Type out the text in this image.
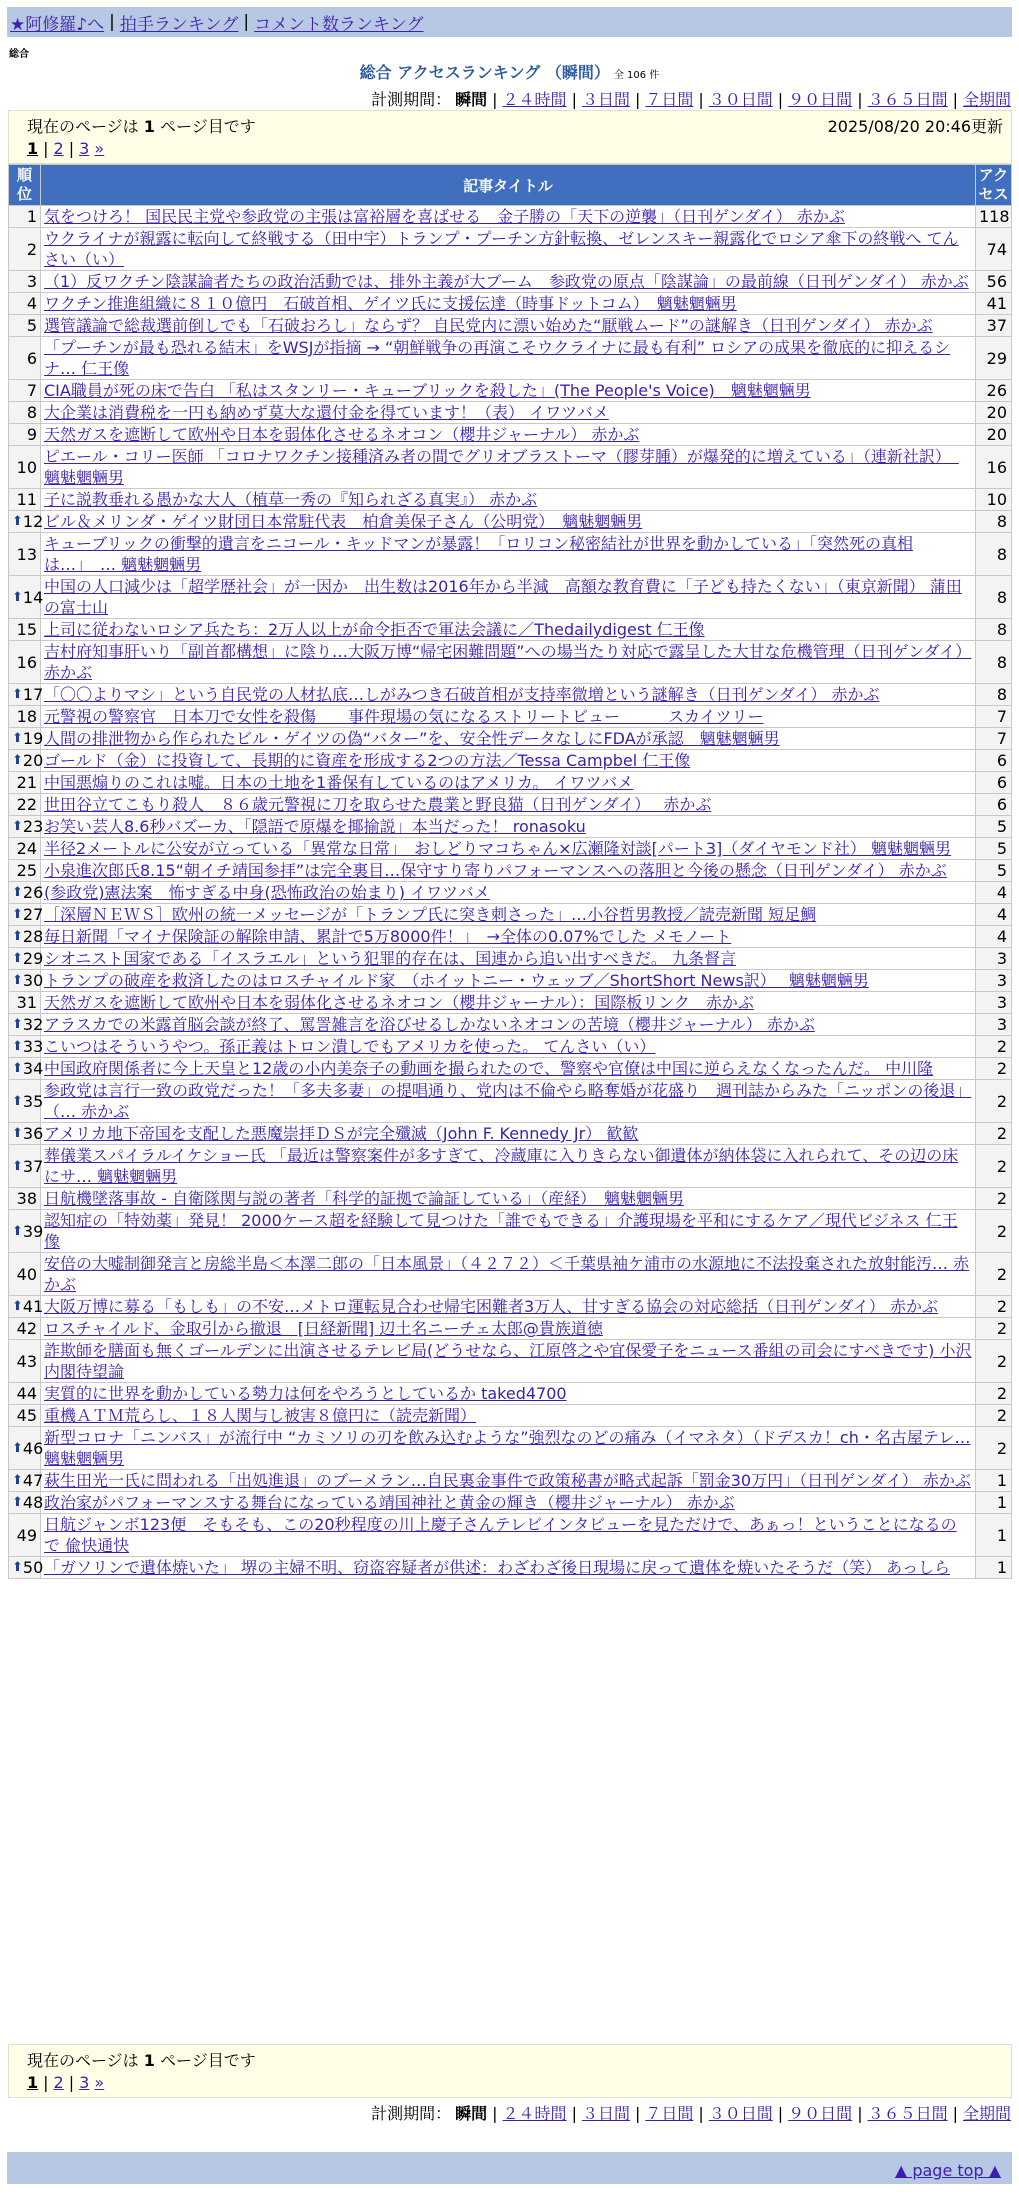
★阿修羅♪へ | 拍手ランキング | コメント数ランキング
総合
総合 アクセスランキング （瞬間） 全 106 件
計測期間： 瞬間 | ２４時間 | ３日間 | ７日間 | ３０日間 | ９０日間 | ３６５日間 | 全期間
現在のページは 1 ページ目です	2025/08/20 20:46更新
1 | 2 | 3 »
順位	記事タイトル	アクセス

1	気をつけろ！ 国民民主党や参政党の主張は富裕層を喜ばせる　金子勝の「天下の逆襲」（日刊ゲンダイ） 赤かぶ	118
2	ウクライナが親露に転向して終戦する（田中宇）トランプ・プーチン方針転換、ゼレンスキー親露化でロシア傘下の終戦へ てんさい（い）	74
3	（1）反ワクチン陰謀論者たちの政治活動では、排外主義が大ブーム　参政党の原点「陰謀論」の最前線（日刊ゲンダイ） 赤かぶ	56
4	ワクチン推進組織に８１０億円　石破首相、ゲイツ氏に支援伝達（時事ドットコム）　魑魅魍魎男	41
5	選管議論で総裁選前倒しでも「石破おろし」ならず？ 自民党内に漂い始めた“厭戦ムード”の謎解き（日刊ゲンダイ） 赤かぶ	37
6	「プーチンが最も恐れる結末」をWSJが指摘 → “朝鮮戦争の再演こそウクライナに最も有利” ロシアの成果を徹底的に抑えるシナ… 仁王像	29
7	CIA職員が死の床で告白 「私はスタンリー・キューブリックを殺した」(The People's Voice)　魑魅魍魎男	26
8	大企業は消費税を一円も納めず莫大な還付金を得ています！（表） イワツバメ	20
9	天然ガスを遮断して欧州や日本を弱体化させるネオコン（櫻井ジャーナル） 赤かぶ	20
10	ピエール・コリー医師 「コロナワクチン接種済み者の間でグリオブラストーマ（膠芽腫）が爆発的に増えている」（連新社訳）　魑魅魍魎男	16
11	子に説教垂れる愚かな大人（植草一秀の『知られざる真実』） 赤かぶ	10

⬆ 12	ビル＆メリンダ・ゲイツ財団日本常駐代表　柏倉美保子さん（公明党）　魑魅魍魎男	8
13	キューブリックの衝撃的遺言をニコール・キッドマンが暴露！「ロリコン秘密結社が世界を動かしている」「突然死の真相は…」　… 魑魅魍魎男	8

⬆ 14	中国の人口減少は「超学歴社会」が一因か　出生数は2016年から半減　高額な教育費に「子ども持たくない」（東京新聞） 蒲田の富士山	8
15	上司に従わないロシア兵たち：2万人以上が命令拒否で軍法会議に／Thedailydigest 仁王像	8
16	吉村府知事肝いり「副首都構想」に陰り…大阪万博“帰宅困難問題”への場当たり対応で露呈した大甘な危機管理（日刊ゲンダイ） 赤かぶ	8

⬆ 17	「〇〇よりマシ」という自民党の人材払底…しがみつき石破首相が支持率微増という謎解き（日刊ゲンダイ） 赤かぶ	8
18	元警視の警察官　日本刀で女性を殺傷　　事件現場の気になるストリートビュー　　　スカイツリー	7

⬆ 19	人間の排泄物から作られたビル・ゲイツの偽“バター”を、安全性データなしにFDAが承認　魑魅魍魎男	7

⬆ 20	ゴールド（金）に投資して、長期的に資産を形成する2つの方法／Tessa Campbel 仁王像	6
21	中国悪煽りのこれは嘘。日本の土地を1番保有しているのはアメリカ。 イワツバメ	6
22	世田谷立てこもり殺人　８６歳元警視に刀を取らせた農業と野良猫（日刊ゲンダイ）　 赤かぶ	6

⬆ 23	お笑い芸人8.6秒バズーカ、「隠語で原爆を揶揄説」本当だった！ ronasoku	5
24	半径2メートルに公安が立っている「異常な日常」　おしどりマコちゃん×広瀬隆対談[パート3]（ダイヤモンド社） 魑魅魍魎男	5
25	小泉進次郎氏8.15“朝イチ靖国参拝”は完全裏目…保守すり寄りパフォーマンスへの落胆と今後の懸念（日刊ゲンダイ） 赤かぶ	5

⬆ 26	(参政党)憲法案　怖すぎる中身(恐怖政治の始まり) イワツバメ	4

⬆ 27	［深層ＮＥＷＳ］欧州の統一メッセージが「トランプ氏に突き刺さった」…小谷哲男教授／読売新聞 短足鯛	4

⬆ 28	毎日新聞「マイナ保険証の解除申請、累計で5万8000件！」　→全体の0.07%でした メモノート	4

⬆ 29	シオニスト国家である「イスラエル」という犯罪的存在は、国連から追い出すべきだ。 九条督言	3

⬆ 30	トランプの破産を救済したのはロスチャイルド家　（ホイットニー・ウェッブ／ShortShort News訳）　 魑魅魍魎男	3
31	天然ガスを遮断して欧州や日本を弱体化させるネオコン（櫻井ジャーナル）：国際板リンク　赤かぶ	3

⬆ 32	アラスカでの米露首脳会談が終了、罵詈雑言を浴びせるしかないネオコンの苦境（櫻井ジャーナル） 赤かぶ	3

⬆ 33	こいつはそういうやつ。孫正義はトロン潰しでもアメリカを使った。 てんさい（い）	2

⬆ 34	中国政府関係者に今上天皇と12歳の小内美奈子の動画を撮られたので、警察や官僚は中国に逆らえなくなったんだ。 中川隆	2

⬆ 35	参政党は言行一致の政党だった！「多夫多妻」の提唱通り、党内は不倫やら略奪婚が花盛り　週刊誌からみた「ニッポンの後退」（… 赤かぶ	2

⬆ 36	アメリカ地下帝国を支配した悪魔崇拝ＤＳが完全殲滅（John F. Kennedy Jr） 歓歓	2

⬆ 37	葬儀業スパイラルイケショー氏 「最近は警察案件が多すぎて、冷蔵庫に入りきらない御遺体が納体袋に入れられて、その辺の床にサ… 魑魅魍魎男	2
38	日航機墜落事故 - 自衛隊関与説の著者「科学的証拠で論証している」（産経）　魑魅魍魎男	2

⬆ 39	認知症の「特効薬」発見！ 2000ケース超を経験して見つけた「誰でもできる」介護現場を平和にするケア／現代ビジネス 仁王像	2
40	安倍の大嘘制御発言と房総半島＜本澤二郎の「日本風景」（４２７２）＜千葉県袖ケ浦市の水源地に不法投棄された放射能汚… 赤かぶ	2

⬆ 41	大阪万博に募る「もしも」の不安…メトロ運転見合わせ帰宅困難者3万人、甘すぎる協会の対応総括（日刊ゲンダイ） 赤かぶ	2
42	ロスチャイルド、金取引から撤退　[日経新聞] 辺土名ニーチェ太郎@貴族道徳	2
43	詐欺師を膳面も無くゴールデンに出演させるテレビ局(どうせなら、江原啓之や宜保愛子をニュース番組の司会にすべきです) 小沢内閣待望論	2
44	実質的に世界を動かしている勢力は何をやろうとしているか taked4700	2
45	重機ＡＴＭ荒らし、１８人関与し被害８億円に（読売新聞）	2

⬆ 46	新型コロナ「ニンバス」が流行中 “カミソリの刃を飲み込むような”強烈なのどの痛み（イマネタ）（ドデスカ！ch・名古屋テレ… 魑魅魍魎男	2

⬆ 47	萩生田光一氏に問われる「出処進退」のブーメラン…自民裏金事件で政策秘書が略式起訴「罰金30万円」（日刊ゲンダイ） 赤かぶ	1

⬆ 48	政治家がパフォーマンスする舞台になっている靖国神社と黄金の輝き（櫻井ジャーナル） 赤かぶ	1
49	日航ジャンボ123便　そもそも、この20秒程度の川上慶子さんテレビインタビューを見ただけで、あぁっ！ということになるので 偸快通快	1

⬆ 50	「ガソリンで遺体焼いた」 堺の主婦不明、窃盗容疑者が供述：わざわざ後日現場に戻って遺体を焼いたそうだ（笑） あっしら	1
現在のページは 1 ページ目です
1 | 2 | 3 »
計測期間： 瞬間 | ２４時間 | ３日間 | ７日間 | ３０日間 | ９０日間 | ３６５日間 | 全期間
▲ page top ▲
